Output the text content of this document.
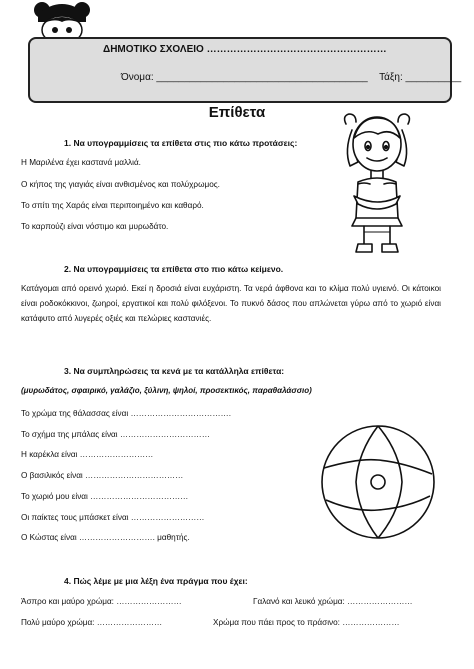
ΔΗΜΟΤΙΚΟ ΣΧΟΛΕΙΟ ………………………………………………
Όνομα: ______________________________________ Τάξη: __________
Επίθετα
1. Να υπογραμμίσεις τα επίθετα στις πιο κάτω προτάσεις:
Η Μαριλένα έχει καστανά μαλλιά.
Ο κήπος της γιαγιάς είναι ανθισμένος και πολύχρωμος.
Το σπίτι της Χαράς είναι περιποιημένο και καθαρό.
Το καρπούζι είναι νόστιμο και μυρωδάτο.
2. Να υπογραμμίσεις τα επίθετα στο πιο κάτω κείμενο.
Κατάγομαι από ορεινό χωριό. Εκεί η δροσιά είναι ευχάριστη. Τα νερά άφθονα και το κλίμα πολύ υγιεινό. Οι κάτοικοι είναι ροδοκόκκινοι, ζωηροί, εργατικοί και πολύ φιλόξενοι. Το πυκνό δάσος που απλώνεται γύρω από το χωριό είναι κατάφυτο από λυγερές οξιές και πελώριες καστανιές.
3. Να συμπληρώσεις τα κενά με τα κατάλληλα επίθετα:
(μυρωδάτος, σφαιρικό, γαλάζιο, ξύλινη, ψηλοί, προσεκτικός, παραθαλάσσιο)
Το χρώμα της θάλασσας είναι ……………………………….
Το σχήμα της μπάλας είναι ……………………………
Η καρέκλα είναι ………………………
Ο βασιλικός είναι ………………………………
Το χωριό μου είναι ………………………………
Οι παίκτες τους μπάσκετ είναι ………………………
Ο Κώστας είναι ………………………. μαθητής.
4. Πώς λέμε με μια λέξη ένα πράγμα που έχει:
Άσπρο και μαύρο χρώμα: ……………………	Γαλανό και λευκό χρώμα: ……………………
Πολύ μαύρο χρώμα: ……………………	Χρώμα που πάει προς το πράσινο: …………………
